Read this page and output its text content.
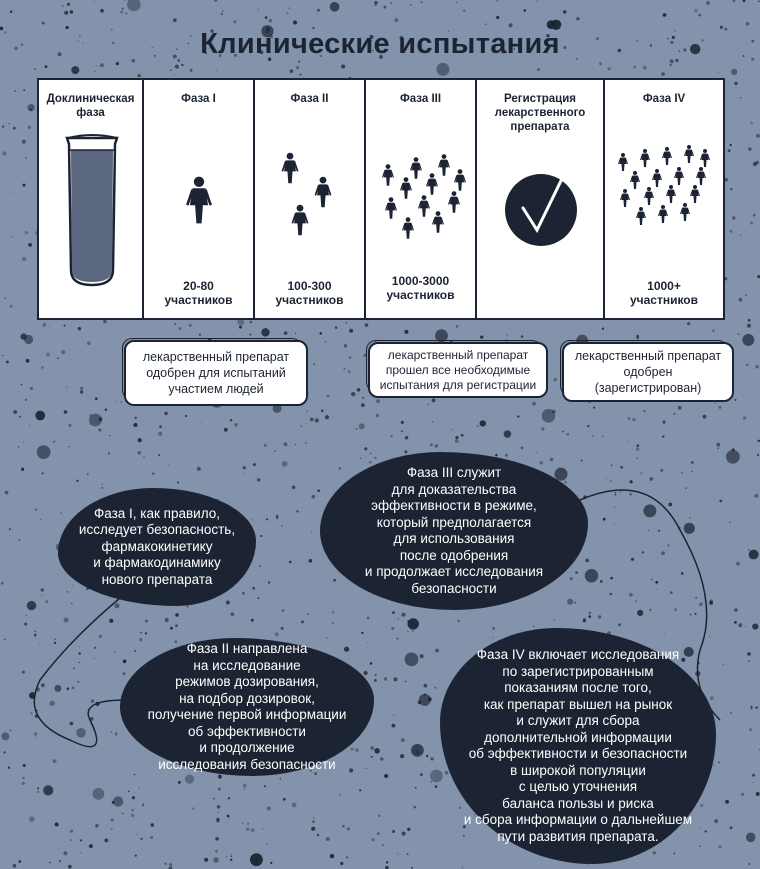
Клинические испытания
Доклиническая фаза
Фаза I
20-80
участников
Фаза II
100-300
участников
Фаза III
1000-3000
участников
Регистрация лекарственного препарата
Фаза IV
1000+
участников
лекарственный препарат одобрен для испытаний участием людей
лекарственный препарат прошел все необходимые испытания для регистрации
лекарственный препарат одобрен (зарегистрирован)
Фаза I, как правило,
исследует безопасность,
фармакокинетику
и фармакодинамику
нового препарата
Фаза III служит
для доказательства
эффективности в режиме,
который предполагается
для использования
после одобрения
и продолжает исследования
безопасности
Фаза II направлена
на исследование
режимов дозирования,
на подбор дозировок,
получение первой информации
об эффективности
и продолжение
исследования безопасности
Фаза IV включает исследования
по зарегистрированным
показаниям после того,
как препарат вышел на рынок
и служит для сбора
дополнительной информации
об эффективности и безопасности
в широкой популяции
с целью уточнения
баланса пользы и риска
и сбора информации о дальнейшем
пути развития препарата.
